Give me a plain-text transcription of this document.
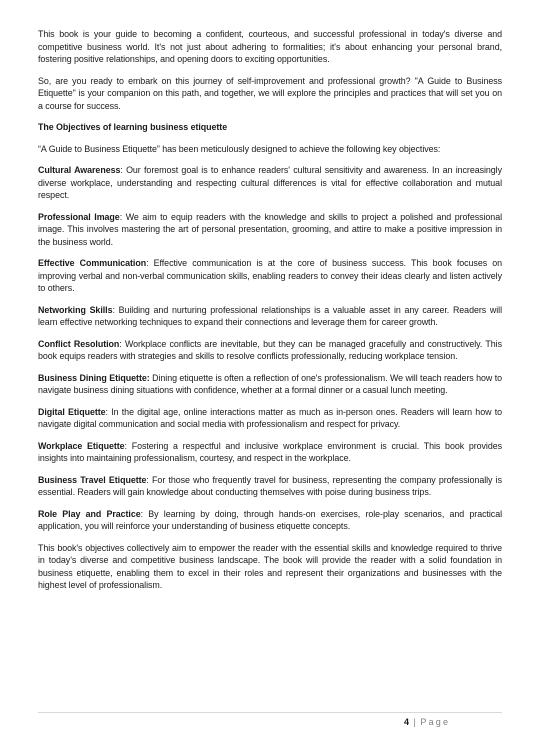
This book is your guide to becoming a confident, courteous, and successful professional in today's diverse and competitive business world. It's not just about adhering to formalities; it's about enhancing your personal brand, fostering positive relationships, and opening doors to exciting opportunities.

So, are you ready to embark on this journey of self-improvement and professional growth? "A Guide to Business Etiquette" is your companion on this path, and together, we will explore the principles and practices that will set you on a course for success.

The Objectives of learning business etiquette

“A Guide to Business Etiquette” has been meticulously designed to achieve the following key objectives:

Cultural Awareness: Our foremost goal is to enhance readers' cultural sensitivity and awareness. In an increasingly diverse workplace, understanding and respecting cultural differences is vital for effective collaboration and mutual respect.

Professional Image: We aim to equip readers with the knowledge and skills to project a polished and professional image. This involves mastering the art of personal presentation, grooming, and attire to make a positive impression in the business world.

Effective Communication: Effective communication is at the core of business success. This book focuses on improving verbal and non-verbal communication skills, enabling readers to convey their ideas clearly and listen actively to others.

Networking Skills: Building and nurturing professional relationships is a valuable asset in any career. Readers will learn effective networking techniques to expand their connections and leverage them for career growth.

Conflict Resolution: Workplace conflicts are inevitable, but they can be managed gracefully and constructively. This book equips readers with strategies and skills to resolve conflicts professionally, reducing workplace tension.

Business Dining Etiquette: Dining etiquette is often a reflection of one's professionalism. We will teach readers how to navigate business dining situations with confidence, whether at a formal dinner or a casual lunch meeting.

Digital Etiquette: In the digital age, online interactions matter as much as in-person ones. Readers will learn how to navigate digital communication and social media with professionalism and respect for privacy.

Workplace Etiquette: Fostering a respectful and inclusive workplace environment is crucial. This book provides insights into maintaining professionalism, courtesy, and respect in the workplace.

Business Travel Etiquette: For those who frequently travel for business, representing the company professionally is essential. Readers will gain knowledge about conducting themselves with poise during business trips.

Role Play and Practice: By learning by doing, through hands-on exercises, role-play scenarios, and practical application, you will reinforce your understanding of business etiquette concepts.

This book's objectives collectively aim to empower the reader with the essential skills and knowledge required to thrive in today's diverse and competitive business landscape. The book will provide the reader with a solid foundation in business etiquette, enabling them to excel in their roles and represent their organizations and businesses with the highest level of professionalism.

4 | Page
